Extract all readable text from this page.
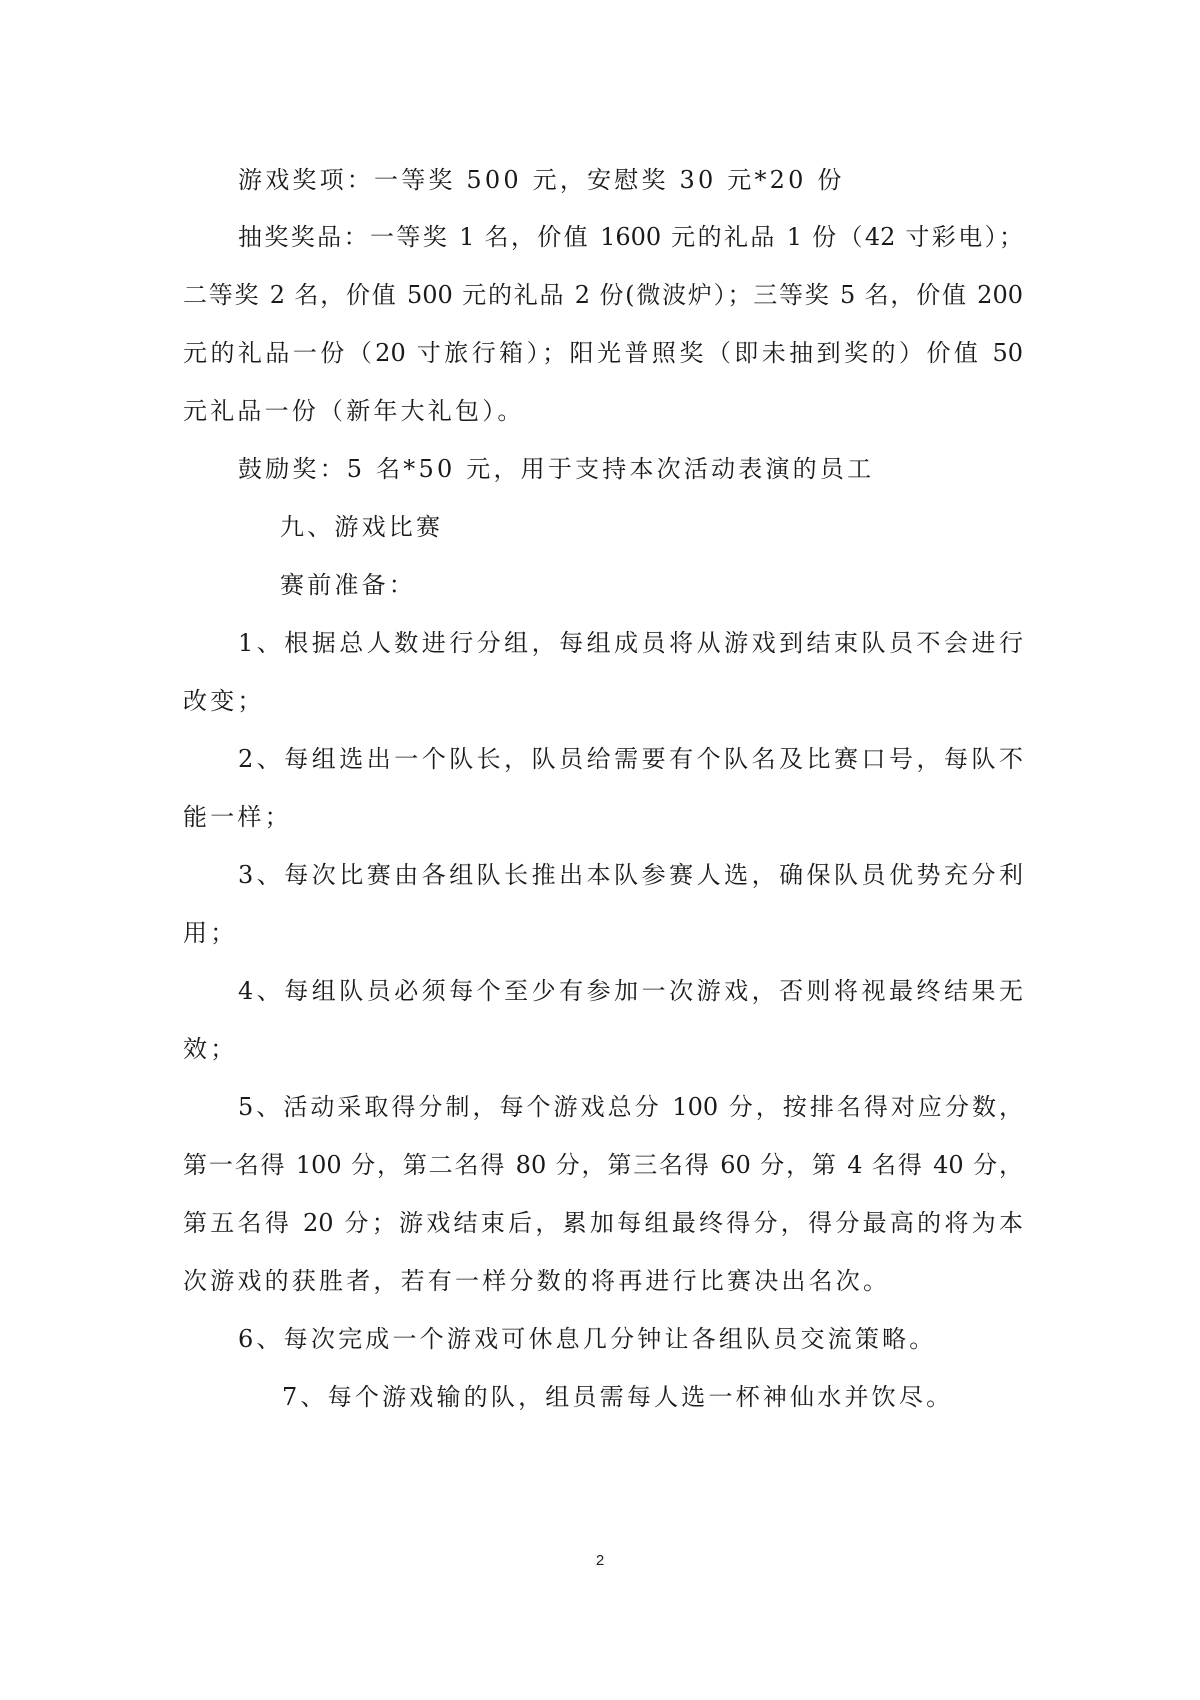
游戏奖项：一等奖 500 元，安慰奖 30 元*20 份
抽奖奖品：一等奖 1 名，价值 1600 元的礼品 1 份（42 寸彩电）；
二等奖 2 名，价值 500 元的礼品 2 份(微波炉）；三等奖 5 名，价值 200
元的礼品一份（20 寸旅行箱）；阳光普照奖（即未抽到奖的）价值 50
元礼品一份（新年大礼包）。
鼓励奖：5 名*50 元，用于支持本次活动表演的员工
九、游戏比赛
赛前准备：
1、根据总人数进行分组，每组成员将从游戏到结束队员不会进行
改变；
2、每组选出一个队长，队员给需要有个队名及比赛口号，每队不
能一样；
3、每次比赛由各组队长推出本队参赛人选，确保队员优势充分利
用；
4、每组队员必须每个至少有参加一次游戏，否则将视最终结果无
效；
5、活动采取得分制，每个游戏总分 100 分，按排名得对应分数，
第一名得 100 分，第二名得 80 分，第三名得 60 分，第 4 名得 40 分，
第五名得 20 分；游戏结束后，累加每组最终得分，得分最高的将为本
次游戏的获胜者，若有一样分数的将再进行比赛决出名次。
6、每次完成一个游戏可休息几分钟让各组队员交流策略。
7、每个游戏输的队，组员需每人选一杯神仙水并饮尽。
2
